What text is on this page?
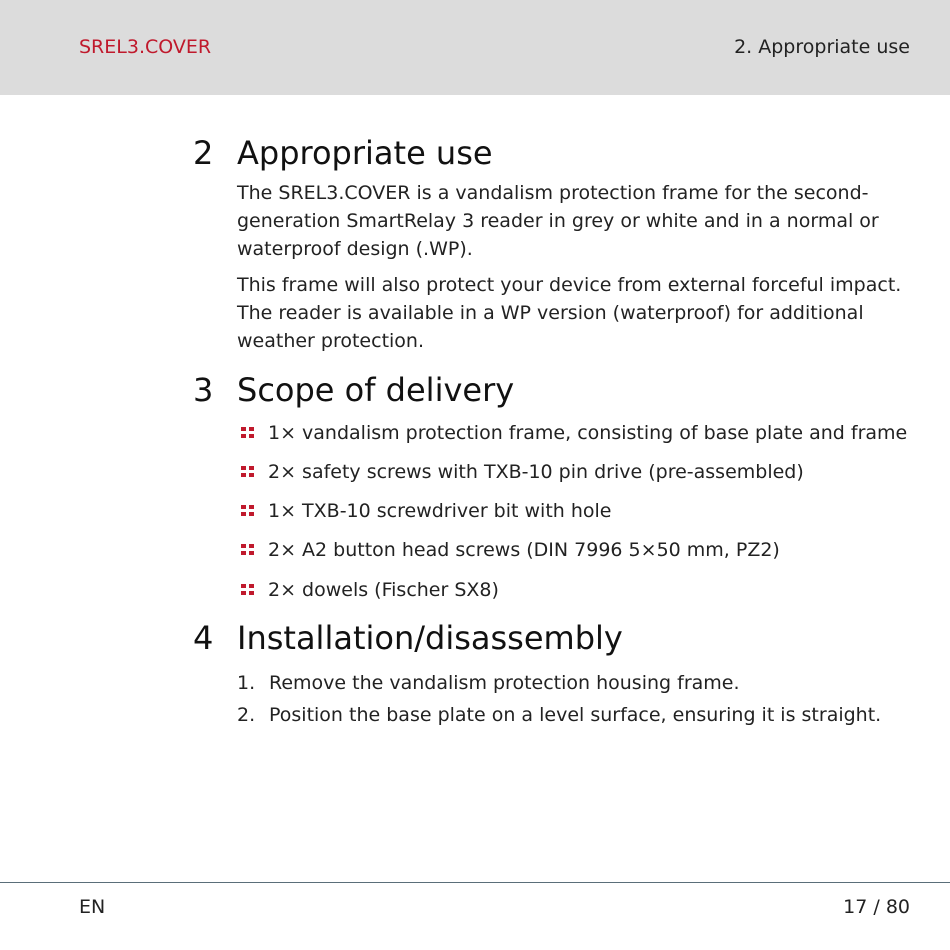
SREL3.COVER	2. Appropriate use
2 Appropriate use
The SREL3.COVER is a vandalism protection frame for the second-generation SmartRelay 3 reader in grey or white and in a normal or waterproof design (.WP).
This frame will also protect your device from external forceful impact. The reader is available in a WP version (waterproof) for additional weather protection.
3 Scope of delivery
1× vandalism protection frame, consisting of base plate and frame
2× safety screws with TXB-10 pin drive (pre-assembled)
1× TXB-10 screwdriver bit with hole
2× A2 button head screws (DIN 7996 5×50 mm, PZ2)
2× dowels (Fischer SX8)
4 Installation/disassembly
1. Remove the vandalism protection housing frame.
2. Position the base plate on a level surface, ensuring it is straight.
EN	17 / 80
